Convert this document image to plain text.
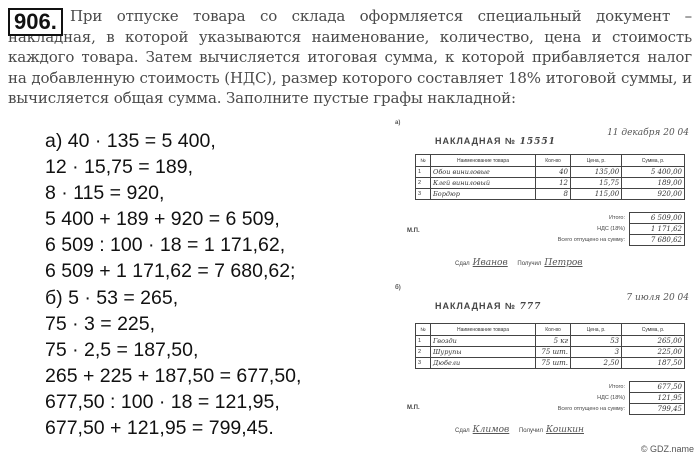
При отпуске товара со склада оформляется специальный документ – накладная, в которой указываются наименование, количество, цена и стоимость каждого товара. Затем вычисляется итоговая сумма, к которой прибавляется налог на добавленную стоимость (НДС), размер которого составляет 18% итоговой суммы, и вычисляется общая сумма. Заполните пустые графы накладной:
906.
а) 40 · 135 = 5 400,
12 · 15,75 = 189,
8 · 115 = 920,
5 400 + 189 + 920 = 6 509,
6 509 : 100 · 18 = 1 171,62,
6 509 + 1 171,62 = 7 680,62;
б) 5 · 53 = 265,
75 · 3 = 225,
75 · 2,5 = 187,50,
265 + 225 + 187,50 = 677,50,
677,50 : 100 · 18 = 121,95,
677,50 + 121,95 = 799,45.
а)
НАКЛАДНАЯ № 15551
11 декабря 20 04
№	Наименование товара	Кол-во	Цена, р.	Сумма, р.
1	Обои виниловые	40	135,00	5 400,00
2	Клей виниловый	12	15,75	189,00
3	Бордюр	8	115,00	920,00
Итого:	6 509,00
НДС (18%)	1 171,62
Всего отпущено на сумму:	7 680,62
М.П.
Сдал Иванов Получил Петров
б)
НАКЛАДНАЯ № 777
7 июля 20 04
№	Наименование товара	Кол-во	Цена, р.	Сумма, р.
1	Гвозди	5 кг	53	265,00
2	Шурупы	75 шт.	3	225,00
3	Дюбели	75 шт.	2,50	187,50
Итого:	677,50
НДС (18%)	121,95
Всего отпущено на сумму:	799,45
М.П.
Сдал Климов Получил Кошкин
© GDZ.name
